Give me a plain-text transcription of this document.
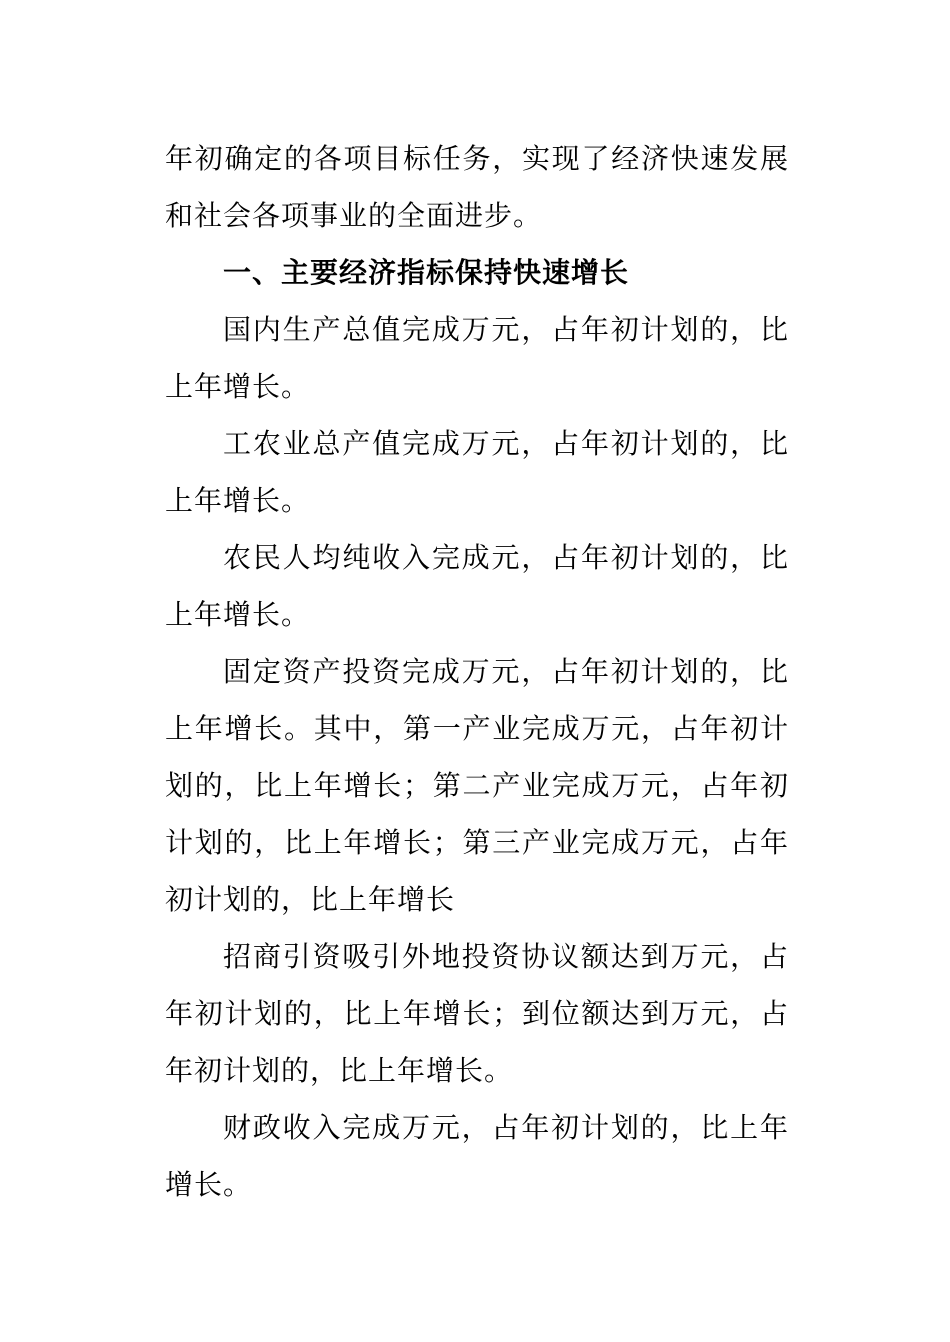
年初确定的各项目标任务，实现了经济快速发展和社会各项事业的全面进步。

一、主要经济指标保持快速增长

国内生产总值完成万元，占年初计划的，比上年增长。

工农业总产值完成万元，占年初计划的，比上年增长。

农民人均纯收入完成元，占年初计划的，比上年增长。

固定资产投资完成万元，占年初计划的，比上年增长。其中，第一产业完成万元，占年初计划的，比上年增长；第二产业完成万元，占年初计划的，比上年增长；第三产业完成万元，占年初计划的，比上年增长

招商引资吸引外地投资协议额达到万元，占年初计划的，比上年增长；到位额达到万元，占年初计划的，比上年增长。

财政收入完成万元，占年初计划的，比上年增长。
